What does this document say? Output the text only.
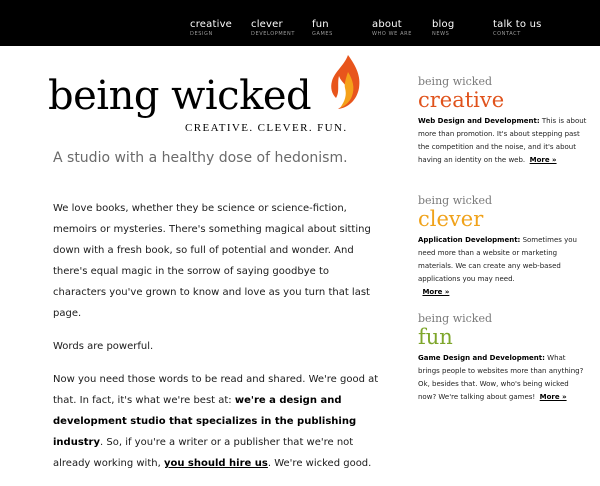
creative
DESIGN
clever
DEVELOPMENT
fun
GAMES
about
WHO WE ARE
blog
NEWS
talk to us
CONTACT
being wicked
CREATIVE. CLEVER. FUN.
A studio with a healthy dose of hedonism.

We love books, whether they be science or science-fiction, memoirs or mysteries. There's something magical about sitting down with a fresh book, so full of potential and wonder. And there's equal magic in the sorrow of saying goodbye to characters you've grown to know and love as you turn that last page.

Words are powerful.

Now you need those words to be read and shared. We're good at that. In fact, it's what we're best at: we're a design and development studio that specializes in the publishing industry. So, if you're a writer or a publisher that we're not already working with, you should hire us. We're wicked good.

being wicked
creative
Web Design and Development: This is about more than promotion. It's about stepping past the competition and the noise, and it's about having an identity on the web. More »
being wicked
clever
Application Development: Sometimes you need more than a website or marketing materials. We can create any web-based applications you may need.
More »
being wicked
fun
Game Design and Development: What brings people to websites more than anything? Ok, besides that. Wow, who's being wicked now? We're talking about games! More »
